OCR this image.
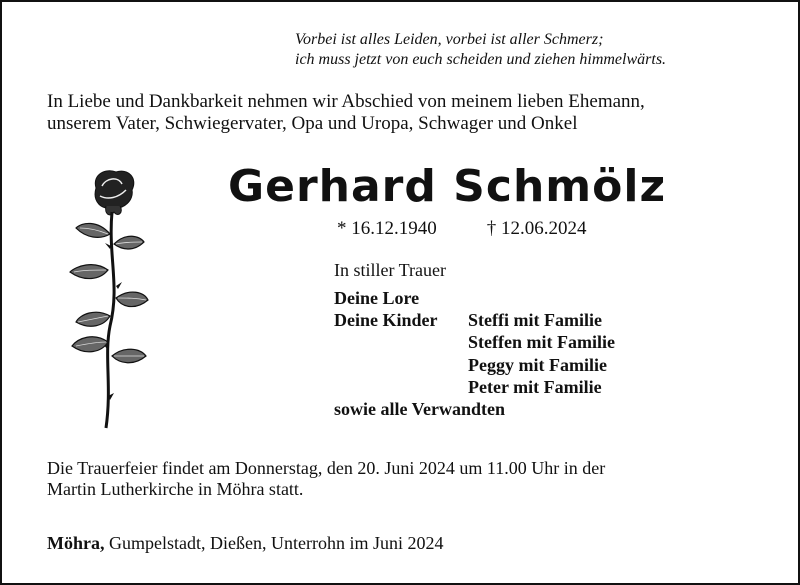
Vorbei ist alles Leiden, vorbei ist aller Schmerz;
ich muss jetzt von euch scheiden und ziehen himmelwärts.
In Liebe und Dankbarkeit nehmen wir Abschied von meinem lieben Ehemann,
unserem Vater, Schwiegervater, Opa und Uropa, Schwager und Onkel
Gerhard Schmölz
* 16.12.1940	† 12.06.2024
In stiller Trauer
Deine Lore
Deine Kinder	Steffi mit Familie
Steffen mit Familie
Peggy mit Familie
Peter mit Familie
sowie alle Verwandten
Die Trauerfeier findet am Donnerstag, den 20. Juni 2024 um 11.00 Uhr in der
Martin Lutherkirche in Möhra statt.
Möhra, Gumpelstadt, Dießen, Unterrohn im Juni 2024
